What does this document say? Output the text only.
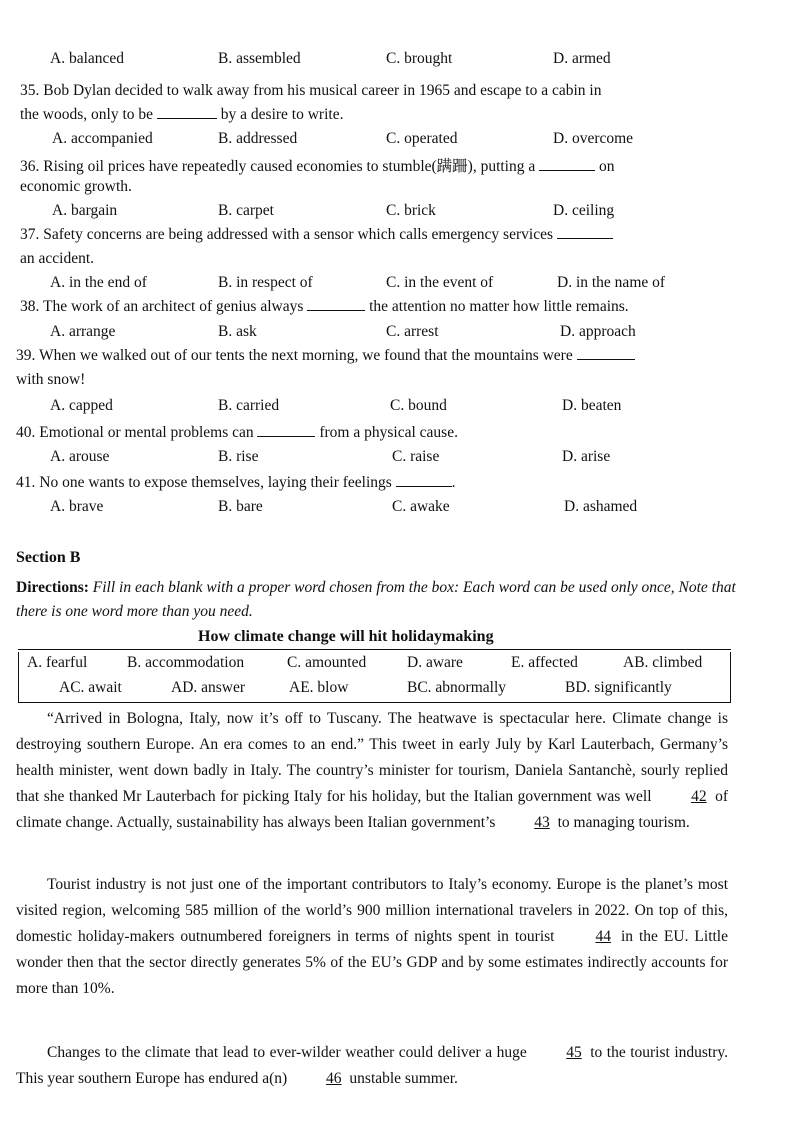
A. balanced	B. assembled	C. brought	D. armed
35. Bob Dylan decided to walk away from his musical career in 1965 and escape to a cabin in
the woods, only to be	by a desire to write.
A. accompanied	B. addressed	C. operated	D. overcome
36. Rising oil prices have repeatedly caused economies to stumble(蹒跚), putting a	on
economic growth.
A. bargain	B. carpet	C. brick	D. ceiling
37. Safety concerns are being addressed with a sensor which calls emergency services
an accident.
A. in the end of	B. in respect of	C. in the event of	D. in the name of
38. The work of an architect of genius always	the attention no matter how little remains.
A. arrange	B. ask	C. arrest	D. approach
39. When we walked out of our tents the next morning, we found that the mountains were
with snow!
A. capped	B. carried	C. bound	D. beaten
40. Emotional or mental problems can	from a physical cause.
A. arouse	B. rise	C. raise	D. arise
41. No one wants to expose themselves, laying their feelings	.
A. brave	B. bare	C. awake	D. ashamed
Section B
Directions: Fill in each blank with a proper word chosen from the box: Each word can be used only once, Note that there is one word more than you need.
How climate change will hit holidaymaking
A. fearful	B. accommodation	C. amounted	D. aware	E. affected	AB. climbed
AC. await	AD. answer	AE. blow	BC. abnormally	BD. significantly

“Arrived in Bologna, Italy, now it’s off to Tuscany. The heatwave is spectacular here. Climate change is destroying southern Europe. An era comes to an end.” This tweet in early July by Karl Lauterbach, Germany’s health minister, went down badly in Italy. The country’s minister for tourism, Daniela Santanchè, sourly replied that she thanked Mr Lauterbach for picking Italy for his holiday, but the Italian government was well	42 of climate change. Actually, sustainability has always been Italian government’s	43 to managing tourism.

Tourist industry is not just one of the important contributors to Italy’s economy. Europe is the planet’s most visited region, welcoming 585 million of the world’s 900 million international travelers in 2022. On top of this, domestic holiday-makers outnumbered foreigners in terms of nights spent in tourist	44 in the EU. Little wonder then that the sector directly generates 5% of the EU’s GDP and by some estimates indirectly accounts for more than 10%.

Changes to the climate that lead to ever-wilder weather could deliver a huge	45 to the tourist industry. This year southern Europe has endured a(n)	46 unstable summer.
